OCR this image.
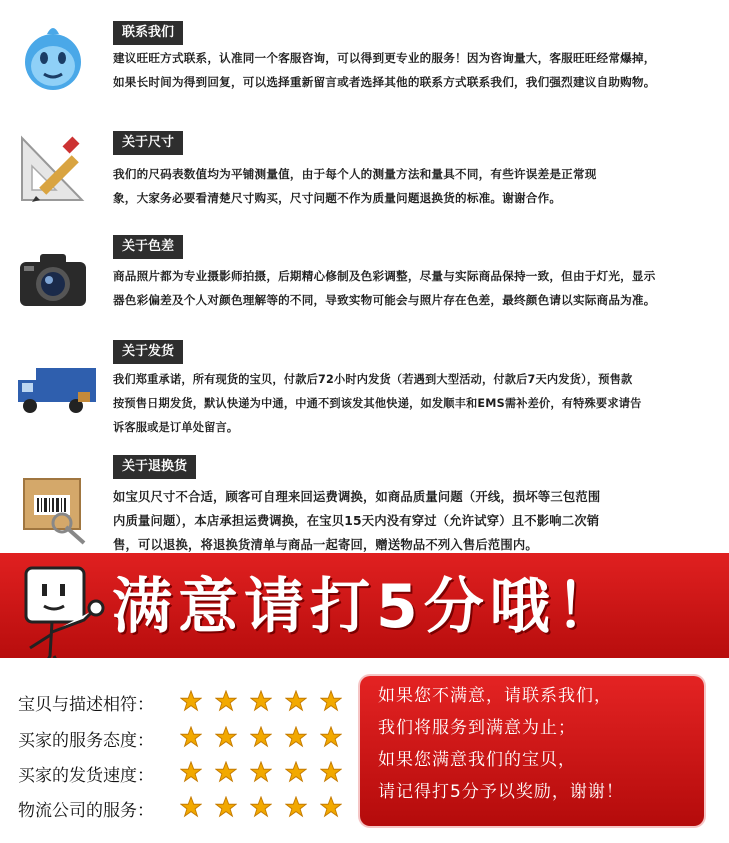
联系我们
建议旺旺方式联系，认准同一个客服咨询，可以得到更专业的服务！因为咨询量大，客服旺旺经常爆掉，
如果长时间为得到回复，可以选择重新留言或者选择其他的联系方式联系我们，我们强烈建议自助购物。
关于尺寸
我们的尺码表数值均为平铺测量值，由于每个人的测量方法和量具不同，有些许误差是正常现
象，大家务必要看清楚尺寸购买，尺寸问题不作为质量问题退换货的标准。谢谢合作。
关于色差
商品照片都为专业摄影师拍摄，后期精心修制及色彩调整，尽量与实际商品保持一致，但由于灯光，显示
器色彩偏差及个人对颜色理解等的不同，导致实物可能会与照片存在色差，最终颜色请以实际商品为准。
关于发货
我们郑重承诺，所有现货的宝贝，付款后72小时内发货（若遇到大型活动，付款后7天内发货），预售款
按预售日期发货，默认快递为中通，中通不到该发其他快递，如发顺丰和EMS需补差价，有特殊要求请告
诉客服或是订单处留言。
关于退换货
如宝贝尺寸不合适，顾客可自理来回运费调换，如商品质量问题（开线，损坏等三包范围
内质量问题），本店承担运费调换，在宝贝15天内没有穿过（允许试穿）且不影响二次销
售，可以退换，将退换货清单与商品一起寄回，赠送物品不列入售后范围内。
满意请打5分哦！
宝贝与描述相符：
买家的服务态度：
买家的发货速度：
物流公司的服务：

如果您不满意，请联系我们，

我们将服务到满意为止；

如果您满意我们的宝贝，

请记得打5分予以奖励，谢谢！
